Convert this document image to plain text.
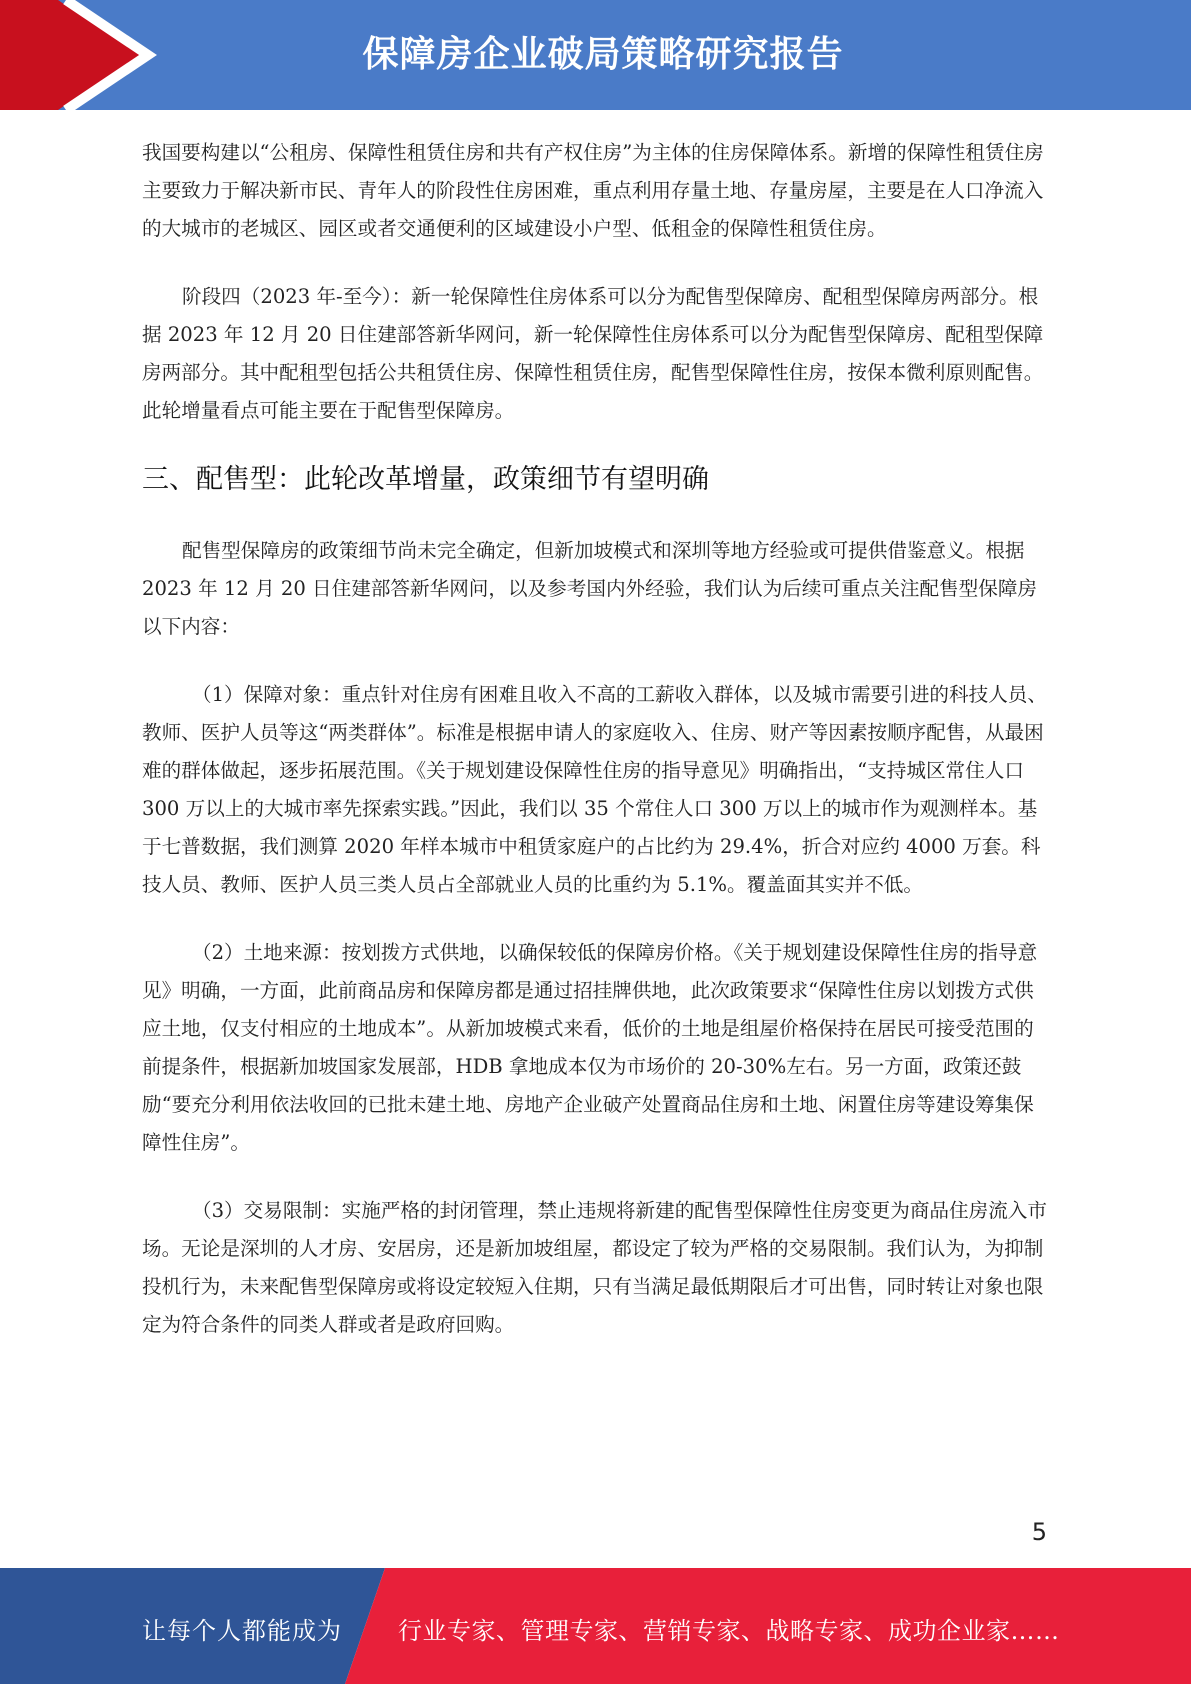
保障房企业破局策略研究报告

我国要构建以“公租房、保障性租赁住房和共有产权住房”为主体的住房保障体系。新增的保障性租赁住房主要致力于解决新市民、青年人的阶段性住房困难，重点利用存量土地、存量房屋，主要是在人口净流入的大城市的老城区、园区或者交通便利的区域建设小户型、低租金的保障性租赁住房。

阶段四（2023 年-至今）：新一轮保障性住房体系可以分为配售型保障房、配租型保障房两部分。根据 2023 年 12 月 20 日住建部答新华网问，新一轮保障性住房体系可以分为配售型保障房、配租型保障房两部分。其中配租型包括公共租赁住房、保障性租赁住房，配售型保障性住房，按保本微利原则配售。此轮增量看点可能主要在于配售型保障房。

三、配售型：此轮改革增量，政策细节有望明确

配售型保障房的政策细节尚未完全确定，但新加坡模式和深圳等地方经验或可提供借鉴意义。根据 2023 年 12 月 20 日住建部答新华网问，以及参考国内外经验，我们认为后续可重点关注配售型保障房以下内容：

（1）保障对象：重点针对住房有困难且收入不高的工薪收入群体，以及城市需要引进的科技人员、教师、医护人员等这“两类群体”。标准是根据申请人的家庭收入、住房、财产等因素按顺序配售，从最困难的群体做起，逐步拓展范围。《关于规划建设保障性住房的指导意见》明确指出，“支持城区常住人口 300 万以上的大城市率先探索实践。”因此，我们以 35 个常住人口 300 万以上的城市作为观测样本。基于七普数据，我们测算 2020 年样本城市中租赁家庭户的占比约为 29.4%，折合对应约 4000 万套。科技人员、教师、医护人员三类人员占全部就业人员的比重约为 5.1%。覆盖面其实并不低。

（2）土地来源：按划拨方式供地，以确保较低的保障房价格。《关于规划建设保障性住房的指导意见》明确，一方面，此前商品房和保障房都是通过招挂牌供地，此次政策要求“保障性住房以划拨方式供应土地，仅支付相应的土地成本”。从新加坡模式来看，低价的土地是组屋价格保持在居民可接受范围的前提条件，根据新加坡国家发展部，HDB 拿地成本仅为市场价的 20-30%左右。另一方面，政策还鼓励“要充分利用依法收回的已批未建土地、房地产企业破产处置商品住房和土地、闲置住房等建设筹集保障性住房”。

（3）交易限制：实施严格的封闭管理，禁止违规将新建的配售型保障性住房变更为商品住房流入市场。无论是深圳的人才房、安居房，还是新加坡组屋，都设定了较为严格的交易限制。我们认为，为抑制投机行为，未来配售型保障房或将设定较短入住期，只有当满足最低期限后才可出售，同时转让对象也限定为符合条件的同类人群或者是政府回购。

5
让每个人都能成为 行业专家、管理专家、营销专家、战略专家、成功企业家……
